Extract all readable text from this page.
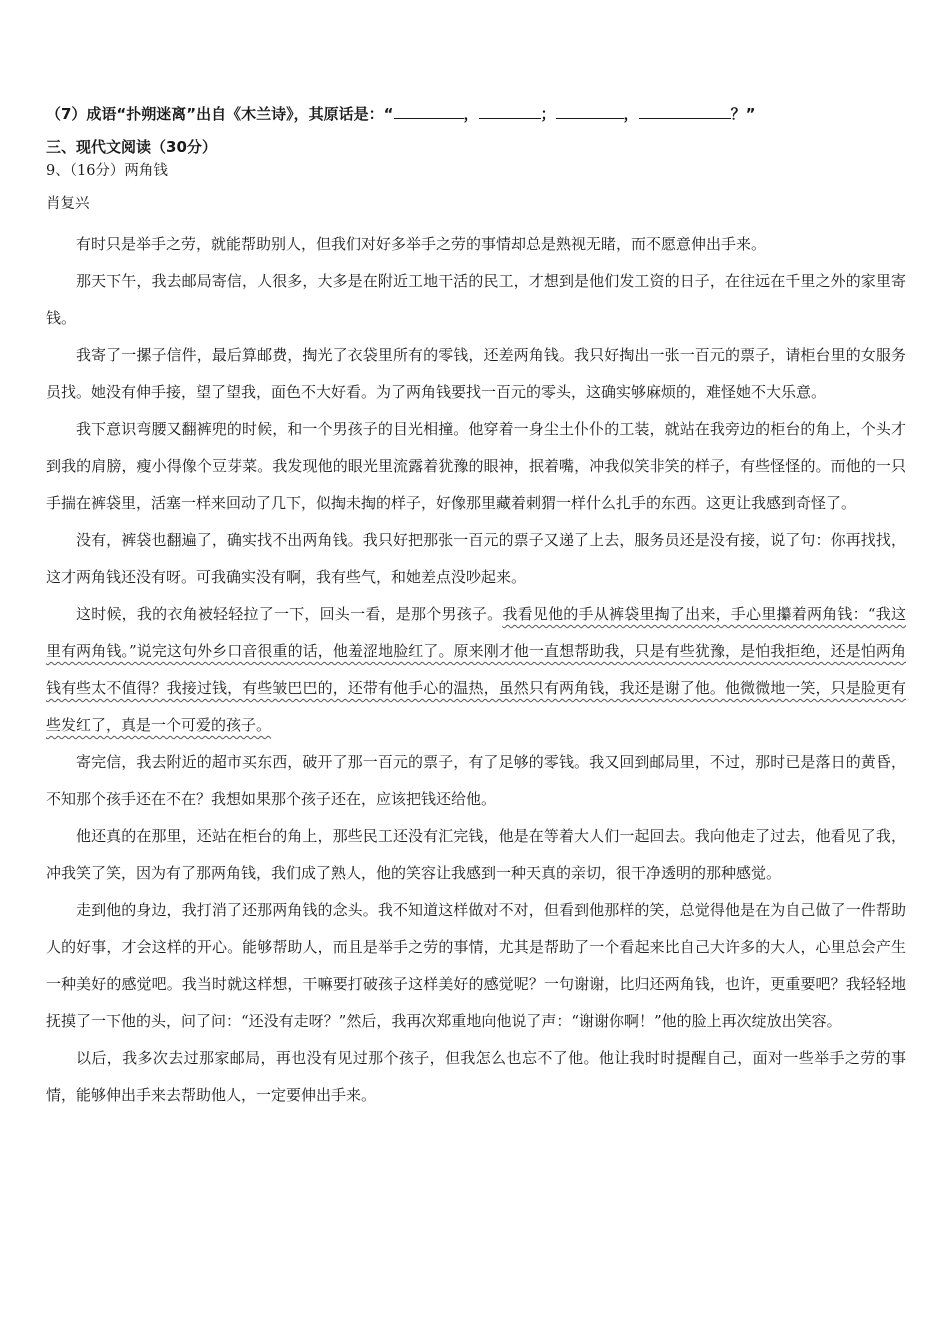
（7）成语“扑朔迷离”出自《木兰诗》，其原话是：“	，	；	，	？”
三、现代文阅读（30分）
9、（16分）两角钱
肖复兴

有时只是举手之劳，就能帮助别人，但我们对好多举手之劳的事情却总是熟视无睹，而不愿意伸出手来。

那天下午，我去邮局寄信，人很多，大多是在附近工地干活的民工，才想到是他们发工资的日子，在往远在千里之外的家里寄钱。

我寄了一摞子信件，最后算邮费，掏光了衣袋里所有的零钱，还差两角钱。我只好掏出一张一百元的票子，请柜台里的女服务员找。她没有伸手接，望了望我，面色不大好看。为了两角钱要找一百元的零头，这确实够麻烦的，难怪她不大乐意。

我下意识弯腰又翻裤兜的时候，和一个男孩子的目光相撞。他穿着一身尘土仆仆的工装，就站在我旁边的柜台的角上，个头才到我的肩膀，瘦小得像个豆芽菜。我发现他的眼光里流露着犹豫的眼神，抿着嘴，冲我似笑非笑的样子，有些怪怪的。而他的一只手揣在裤袋里，活塞一样来回动了几下，似掏未掏的样子，好像那里藏着刺猬一样什么扎手的东西。这更让我感到奇怪了。

没有，裤袋也翻遍了，确实找不出两角钱。我只好把那张一百元的票子又递了上去，服务员还是没有接，说了句：你再找找，这才两角钱还没有呀。可我确实没有啊，我有些气，和她差点没吵起来。

这时候，我的衣角被轻轻拉了一下，回头一看，是那个男孩子。我看见他的手从裤袋里掏了出来，手心里攥着两角钱：“我这里有两角钱。”说完这句外乡口音很重的话，他羞涩地脸红了。原来刚才他一直想帮助我，只是有些犹豫，是怕我拒绝，还是怕两角钱有些太不值得？我接过钱，有些皱巴巴的，还带有他手心的温热，虽然只有两角钱，我还是谢了他。他微微地一笑，只是脸更有些发红了，真是一个可爱的孩子。

寄完信，我去附近的超市买东西，破开了那一百元的票子，有了足够的零钱。我又回到邮局里，不过，那时已是落日的黄昏，不知那个孩手还在不在？我想如果那个孩子还在，应该把钱还给他。

他还真的在那里，还站在柜台的角上，那些民工还没有汇完钱，他是在等着大人们一起回去。我向他走了过去，他看见了我，冲我笑了笑，因为有了那两角钱，我们成了熟人，他的笑容让我感到一种天真的亲切，很干净透明的那种感觉。

走到他的身边，我打消了还那两角钱的念头。我不知道这样做对不对，但看到他那样的笑，总觉得他是在为自己做了一件帮助人的好事，才会这样的开心。能够帮助人，而且是举手之劳的事情，尤其是帮助了一个看起来比自己大许多的大人，心里总会产生一种美好的感觉吧。我当时就这样想，干嘛要打破孩子这样美好的感觉呢？一句谢谢，比归还两角钱，也许，更重要吧？我轻轻地抚摸了一下他的头，问了问：“还没有走呀？”然后，我再次郑重地向他说了声：“谢谢你啊！”他的脸上再次绽放出笑容。

以后，我多次去过那家邮局，再也没有见过那个孩子，但我怎么也忘不了他。他让我时时提醒自己，面对一些举手之劳的事情，能够伸出手来去帮助他人，一定要伸出手来。
